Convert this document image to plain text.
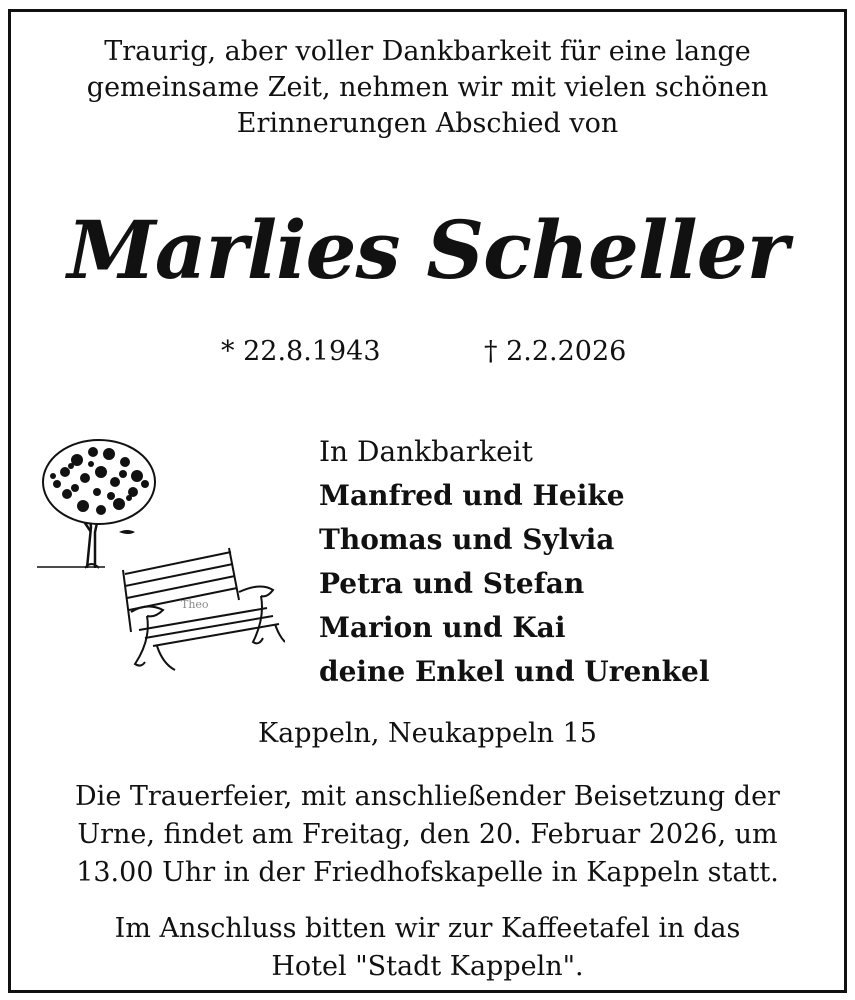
Traurig, aber voller Dankbarkeit für eine lange
gemeinsame Zeit, nehmen wir mit vielen schönen
Erinnerungen Abschied von
Marlies Scheller
* 22.8.1943	† 2.2.2026
Theo
In Dankbarkeit
Manfred und Heike
Thomas und Sylvia
Petra und Stefan
Marion und Kai
deine Enkel und Urenkel
Kappeln, Neukappeln 15
Die Trauerfeier, mit anschließender Beisetzung der
Urne, findet am Freitag, den 20. Februar 2026, um
13.00 Uhr in der Friedhofskapelle in Kappeln statt.
Im Anschluss bitten wir zur Kaffeetafel in das
Hotel "Stadt Kappeln".
